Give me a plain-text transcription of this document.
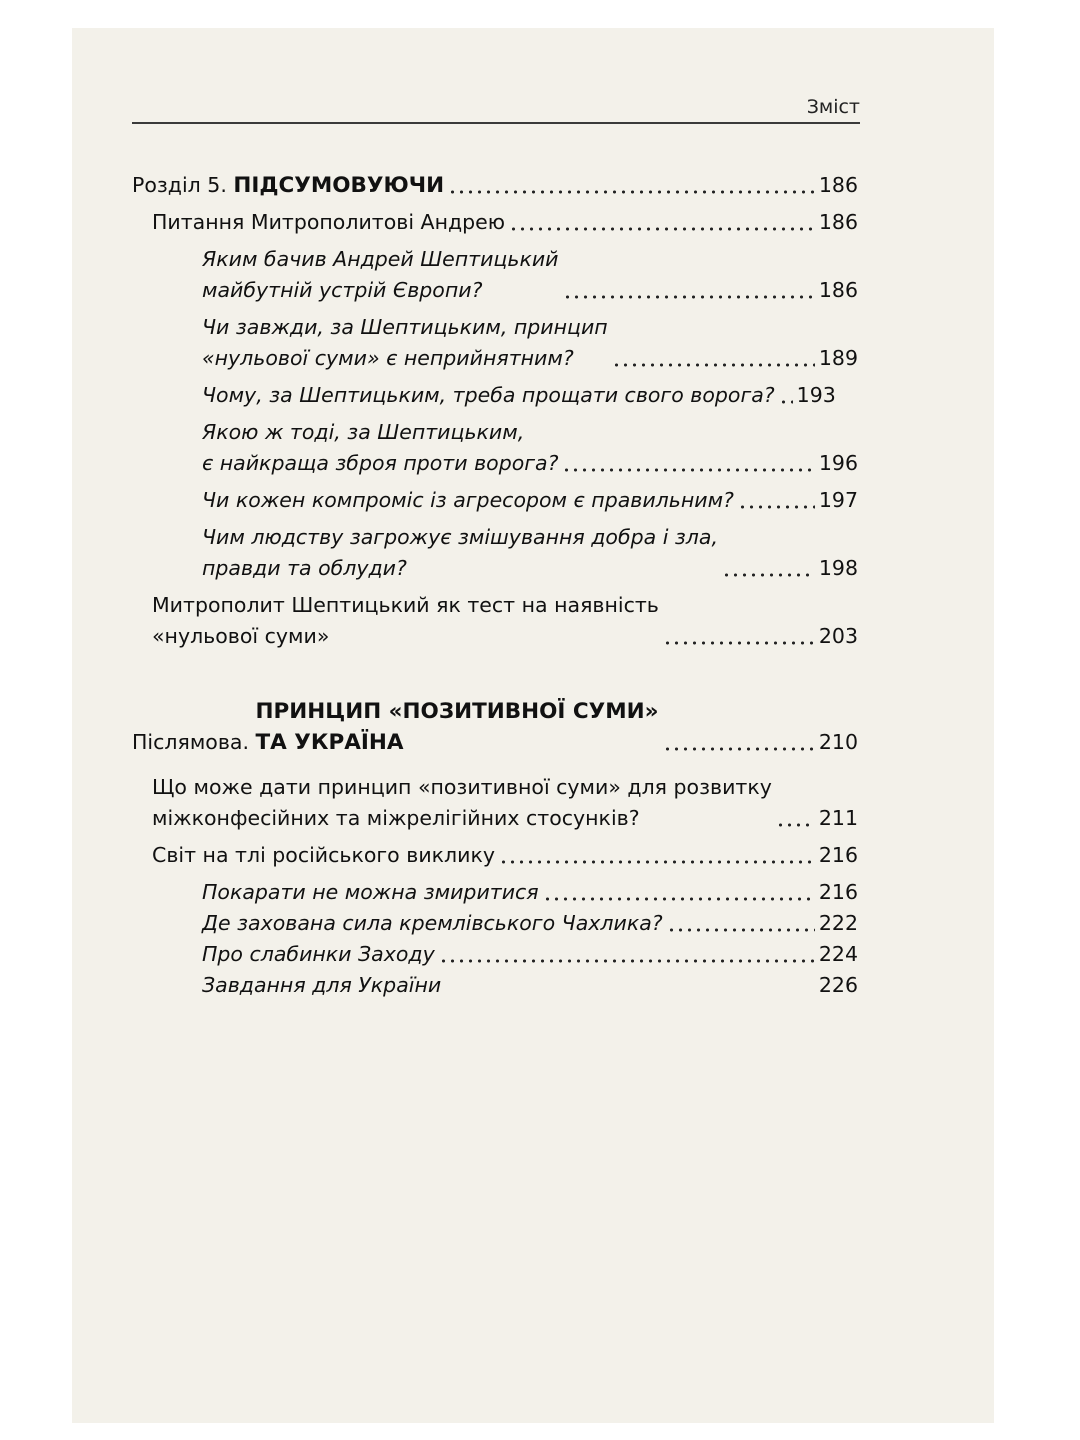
Зміст
Розділ 5. ПІДСУМОВУЮЧИ	186
Питання Митрополитові Андрею	186
Яким бачив Андрей Шептицький
майбутній устрій Європи?	186
Чи завжди, за Шептицьким, принцип
«нульової суми» є неприйнятним?	189
Чому, за Шептицьким, треба прощати свого ворога? 193
Якою ж тоді, за Шептицьким,
є найкраща зброя проти ворога?	196
Чи кожен компроміс із агресором є правильним?	197
Чим людству загрожує змішування добра і зла,
правди та облуди?	198
Митрополит Шептицький як тест на наявність
«нульової суми»	203
Післямова.
ПРИНЦИП «ПОЗИТИВНОЇ СУМИ»
ТА УКРАЇНА	210
Що може дати принцип «позитивної суми» для розвитку
міжконфесійних та міжрелігійних стосунків?	211
Світ на тлі російського виклику	216
Покарати не можна змиритися	216
Де захована сила кремлівського Чахлика?	222
Про слабинки Заходу	224
Завдання для України	226
